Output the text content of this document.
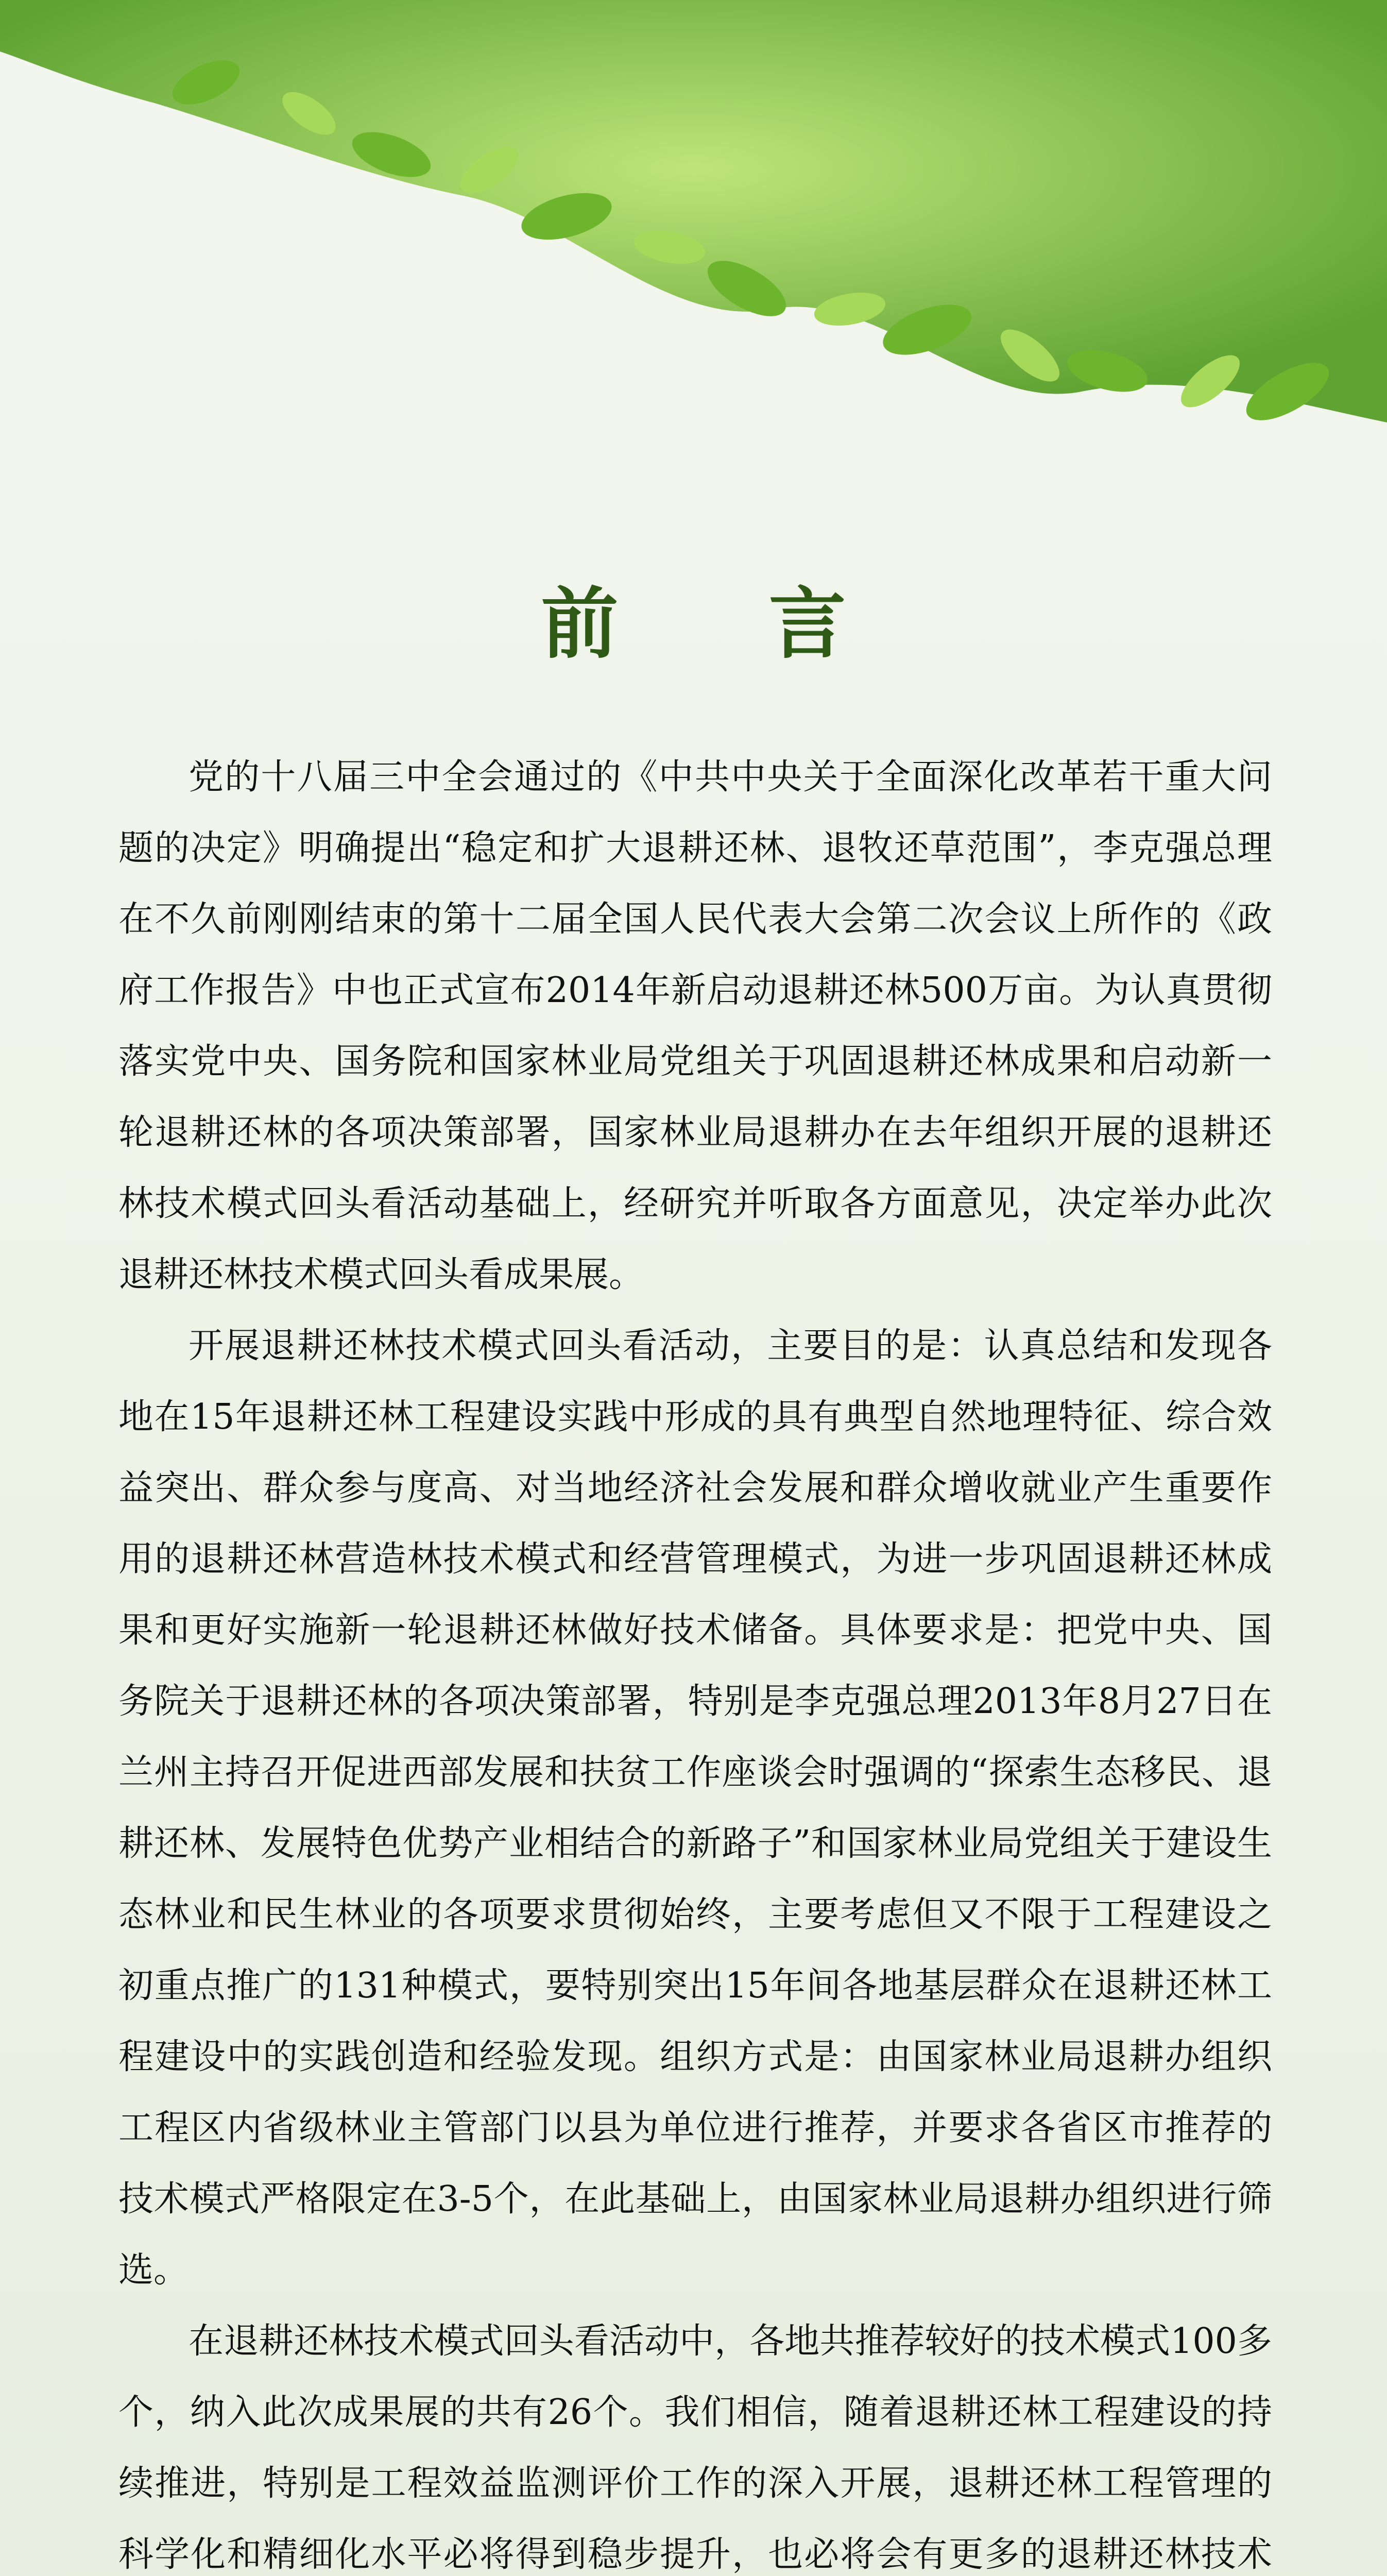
前 言

党的十八届三中全会通过的《中共中央关于全面深化改革若干重大问题的决定》明确提出“稳定和扩大退耕还林、退牧还草范围”，李克强总理在不久前刚刚结束的第十二届全国人民代表大会第二次会议上所作的《政府工作报告》中也正式宣布2014年新启动退耕还林500万亩。为认真贯彻落实党中央、国务院和国家林业局党组关于巩固退耕还林成果和启动新一轮退耕还林的各项决策部署，国家林业局退耕办在去年组织开展的退耕还林技术模式回头看活动基础上，经研究并听取各方面意见，决定举办此次退耕还林技术模式回头看成果展。

开展退耕还林技术模式回头看活动，主要目的是：认真总结和发现各地在15年退耕还林工程建设实践中形成的具有典型自然地理特征、综合效益突出、群众参与度高、对当地经济社会发展和群众增收就业产生重要作用的退耕还林营造林技术模式和经营管理模式，为进一步巩固退耕还林成果和更好实施新一轮退耕还林做好技术储备。具体要求是：把党中央、国务院关于退耕还林的各项决策部署，特别是李克强总理2013年8月27日在兰州主持召开促进西部发展和扶贫工作座谈会时强调的“探索生态移民、退耕还林、发展特色优势产业相结合的新路子”和国家林业局党组关于建设生态林业和民生林业的各项要求贯彻始终，主要考虑但又不限于工程建设之初重点推广的131种模式，要特别突出15年间各地基层群众在退耕还林工程建设中的实践创造和经验发现。组织方式是：由国家林业局退耕办组织工程区内省级林业主管部门以县为单位进行推荐，并要求各省区市推荐的技术模式严格限定在3-5个，在此基础上，由国家林业局退耕办组织进行筛选。

在退耕还林技术模式回头看活动中，各地共推荐较好的技术模式100多个，纳入此次成果展的共有26个。我们相信，随着退耕还林工程建设的持续推进，特别是工程效益监测评价工作的深入开展，退耕还林工程管理的科学化和精细化水平必将得到稳步提升，也必将会有更多的退耕还林技术
